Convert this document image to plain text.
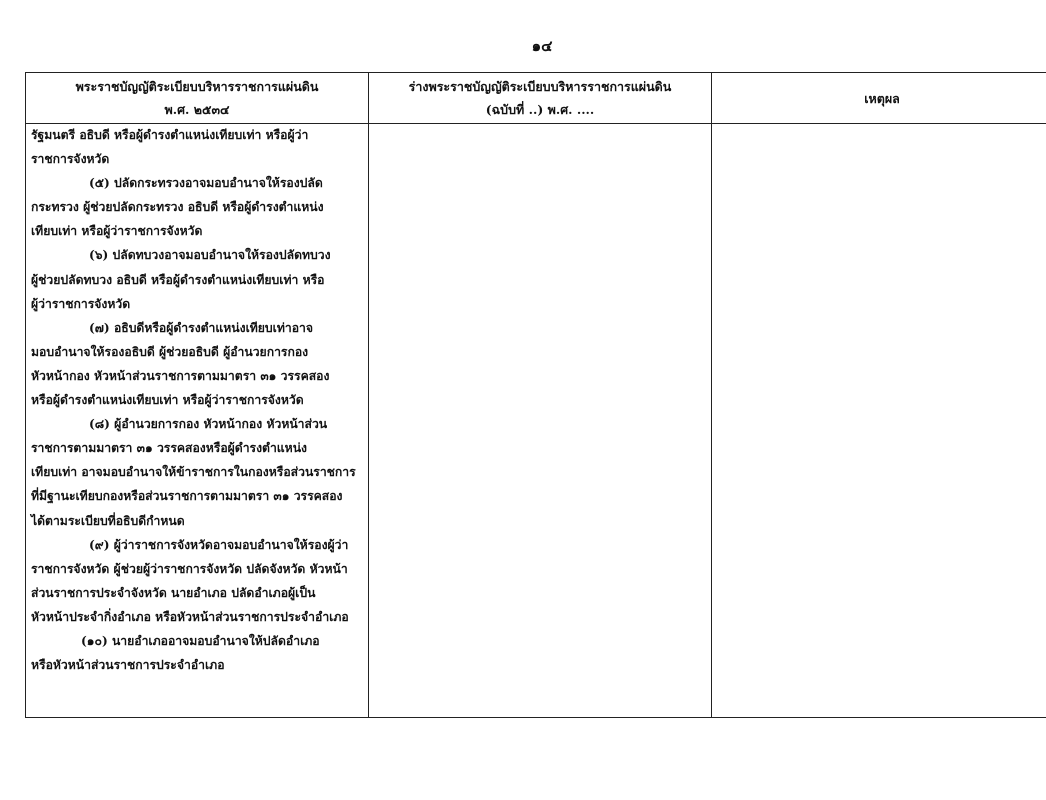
๑๔
พระราชบัญญัติระเบียบบริหารราชการแผ่นดิน
พ.ศ. ๒๕๓๔
ร่างพระราชบัญญัติระเบียบบริหารราชการแผ่นดิน
(ฉบับที่ ..) พ.ศ. ....
เหตุผล
รัฐมนตรี อธิบดี หรือผู้ดำรงตำแหน่งเทียบเท่า หรือผู้ว่า
ราชการจังหวัด
(๕) ปลัดกระทรวงอาจมอบอำนาจให้รองปลัด
กระทรวง ผู้ช่วยปลัดกระทรวง อธิบดี หรือผู้ดำรงตำแหน่ง
เทียบเท่า หรือผู้ว่าราชการจังหวัด
(๖) ปลัดทบวงอาจมอบอำนาจให้รองปลัดทบวง
ผู้ช่วยปลัดทบวง อธิบดี หรือผู้ดำรงตำแหน่งเทียบเท่า หรือ
ผู้ว่าราชการจังหวัด
(๗) อธิบดีหรือผู้ดำรงตำแหน่งเทียบเท่าอาจ
มอบอำนาจให้รองอธิบดี ผู้ช่วยอธิบดี ผู้อำนวยการกอง
หัวหน้ากอง หัวหน้าส่วนราชการตามมาตรา ๓๑ วรรคสอง
หรือผู้ดำรงตำแหน่งเทียบเท่า หรือผู้ว่าราชการจังหวัด
(๘) ผู้อำนวยการกอง หัวหน้ากอง หัวหน้าส่วน
ราชการตามมาตรา ๓๑ วรรคสองหรือผู้ดำรงตำแหน่ง
เทียบเท่า อาจมอบอำนาจให้ข้าราชการในกองหรือส่วนราชการ
ที่มีฐานะเทียบกองหรือส่วนราชการตามมาตรา ๓๑ วรรคสอง
ได้ตามระเบียบที่อธิบดีกำหนด
(๙) ผู้ว่าราชการจังหวัดอาจมอบอำนาจให้รองผู้ว่า
ราชการจังหวัด ผู้ช่วยผู้ว่าราชการจังหวัด ปลัดจังหวัด หัวหน้า
ส่วนราชการประจำจังหวัด นายอำเภอ ปลัดอำเภอผู้เป็น
หัวหน้าประจำกิ่งอำเภอ หรือหัวหน้าส่วนราชการประจำอำเภอ
(๑๐) นายอำเภออาจมอบอำนาจให้ปลัดอำเภอ
หรือหัวหน้าส่วนราชการประจำอำเภอ
